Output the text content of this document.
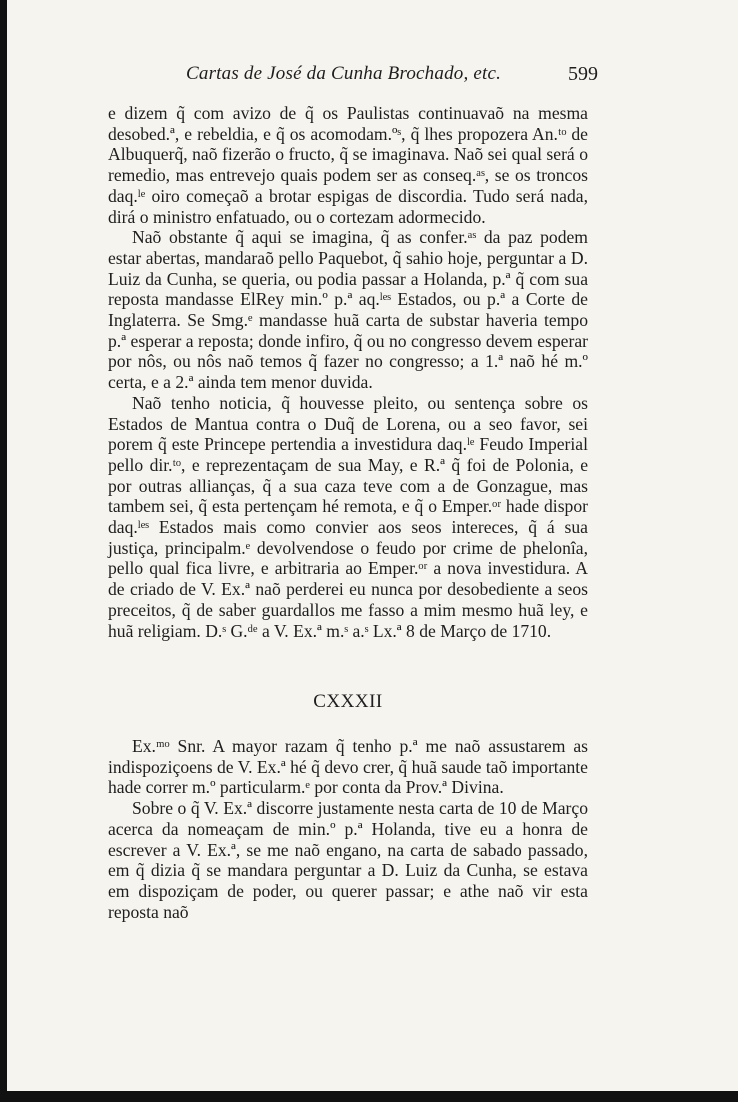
Cartas de José da Cunha Brochado, etc.	599

e dizem q̃ com avizo de q̃ os Paulistas continuavaõ na mesma desobed.ª, e rebeldia, e q̃ os acomodam.ºˢ, q̃ lhes propozera An.ᵗᵒ de Albuquerq̃, naõ fizerão o fructo, q̃ se imaginava. Naõ sei qual será o remedio, mas entrevejo quais podem ser as conseq.ᵃˢ, se os troncos daq.ˡᵉ oiro começaõ a brotar espigas de discordia. Tudo será nada, dirá o ministro enfatuado, ou o cortezam adormecido.

Naõ obstante q̃ aqui se imagina, q̃ as confer.ᵃˢ da paz podem estar abertas, mandaraõ pello Paquebot, q̃ sahio hoje, perguntar a D. Luiz da Cunha, se queria, ou podia passar a Holanda, p.ª q̃ com sua reposta mandasse ElRey min.º p.ª aq.ˡᵉˢ Estados, ou p.ª a Corte de Inglaterra. Se Smg.ᵉ mandasse huã carta de substar haveria tempo p.ª esperar a reposta; donde infiro, q̃ ou no congresso devem esperar por nôs, ou nôs naõ temos q̃ fazer no congresso; a 1.ª naõ hé m.º certa, e a 2.ª ainda tem menor duvida.

Naõ tenho noticia, q̃ houvesse pleito, ou sentença sobre os Estados de Mantua contra o Duq̃ de Lorena, ou a seo favor, sei porem q̃ este Princepe pertendia a investidura daq.ˡᵉ Feudo Imperial pello dir.ᵗᵒ, e reprezentaçam de sua May, e R.ª q̃ foi de Polonia, e por outras allianças, q̃ a sua caza teve com a de Gonzague, mas tambem sei, q̃ esta pertençam hé remota, e q̃ o Emper.ᵒʳ hade dispor daq.ˡᵉˢ Estados mais como convier aos seos intereces, q̃ á sua justiça, principalm.ᵉ devolvendose o feudo por crime de phelonîa, pello qual fica livre, e arbitraria ao Emper.ᵒʳ a nova investidura. A de criado de V. Ex.ª naõ perderei eu nunca por desobediente a seos preceitos, q̃ de saber guardallos me fasso a mim mesmo huã ley, e huã religiam. D.ˢ G.ᵈᵉ a V. Ex.ª m.ˢ a.ˢ Lx.ª 8 de Março de 1710.

CXXXII

Ex.ᵐᵒ Snr. A mayor razam q̃ tenho p.ª me naõ assustarem as indispoziçoens de V. Ex.ª hé q̃ devo crer, q̃ huã saude taõ importante hade correr m.º particularm.ᵉ por conta da Prov.ª Divina.

Sobre o q̃ V. Ex.ª discorre justamente nesta carta de 10 de Março acerca da nomeaçam de min.º p.ª Holanda, tive eu a honra de escrever a V. Ex.ª, se me naõ engano, na carta de sabado passado, em q̃ dizia q̃ se mandara perguntar a D. Luiz da Cunha, se estava em dispoziçam de poder, ou querer passar; e athe naõ vir esta reposta naõ
